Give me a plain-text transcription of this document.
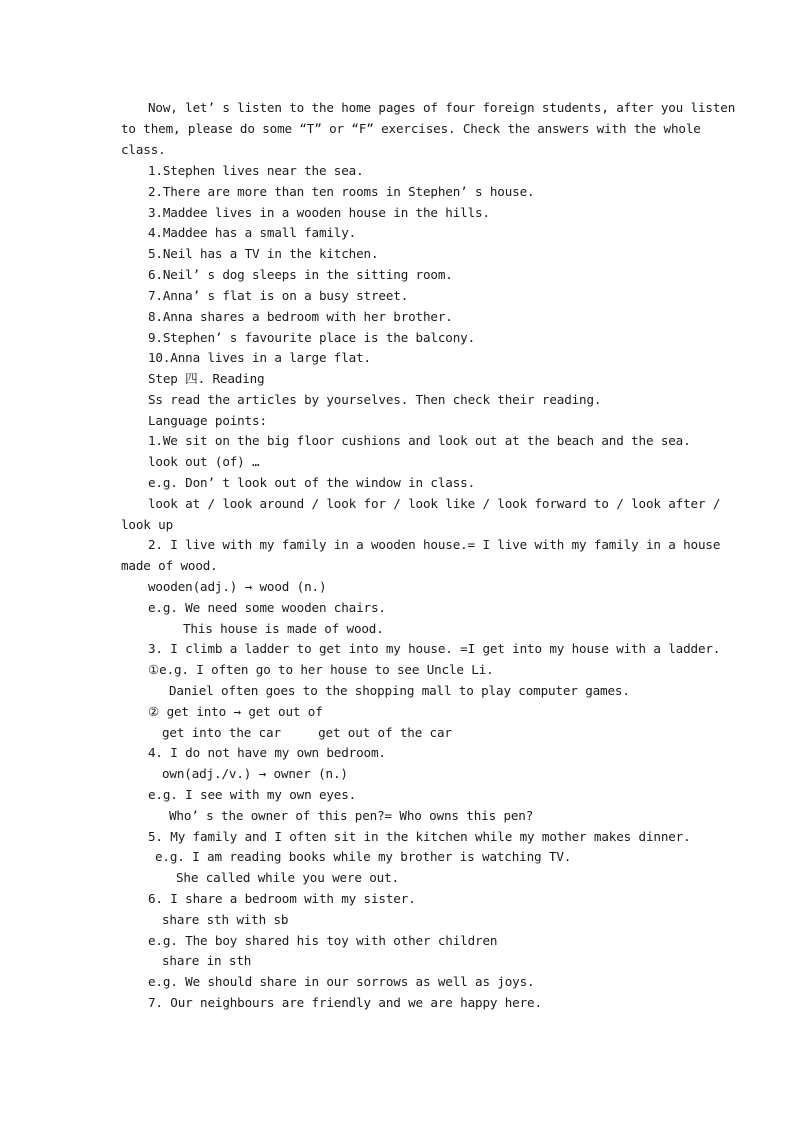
Now, let’ s listen to the home pages of four foreign students, after you listen
to them, please do some “T” or “F” exercises. Check the answers with the whole
class.
1.Stephen lives near the sea.
2.There are more than ten rooms in Stephen’ s house.
3.Maddee lives in a wooden house in the hills.
4.Maddee has a small family.
5.Neil has a TV in the kitchen.
6.Neil’ s dog sleeps in the sitting room.
7.Anna’ s flat is on a busy street.
8.Anna shares a bedroom with her brother.
9.Stephen’ s favourite place is the balcony.
10.Anna lives in a large flat.
Step 四. Reading
Ss read the articles by yourselves. Then check their reading.
Language points:
1.We sit on the big floor cushions and look out at the beach and the sea.
look out (of) …
e.g. Don’ t look out of the window in class.
look at / look around / look for / look like / look forward to / look after /
look up
2. I live with my family in a wooden house.= I live with my family in a house
made of wood.
wooden(adj.) → wood (n.)
e.g. We need some wooden chairs.
This house is made of wood.
3. I climb a ladder to get into my house. =I get into my house with a ladder.
①e.g. I often go to her house to see Uncle Li.
Daniel often goes to the shopping mall to play computer games.
② get into → get out of
get into the car     get out of the car
4. I do not have my own bedroom.
own(adj./v.) → owner (n.)
e.g. I see with my own eyes.
Who’ s the owner of this pen?= Who owns this pen?
5. My family and I often sit in the kitchen while my mother makes dinner.
e.g. I am reading books while my brother is watching TV.
She called while you were out.
6. I share a bedroom with my sister.
share sth with sb
e.g. The boy shared his toy with other children
share in sth
e.g. We should share in our sorrows as well as joys.
7. Our neighbours are friendly and we are happy here.
